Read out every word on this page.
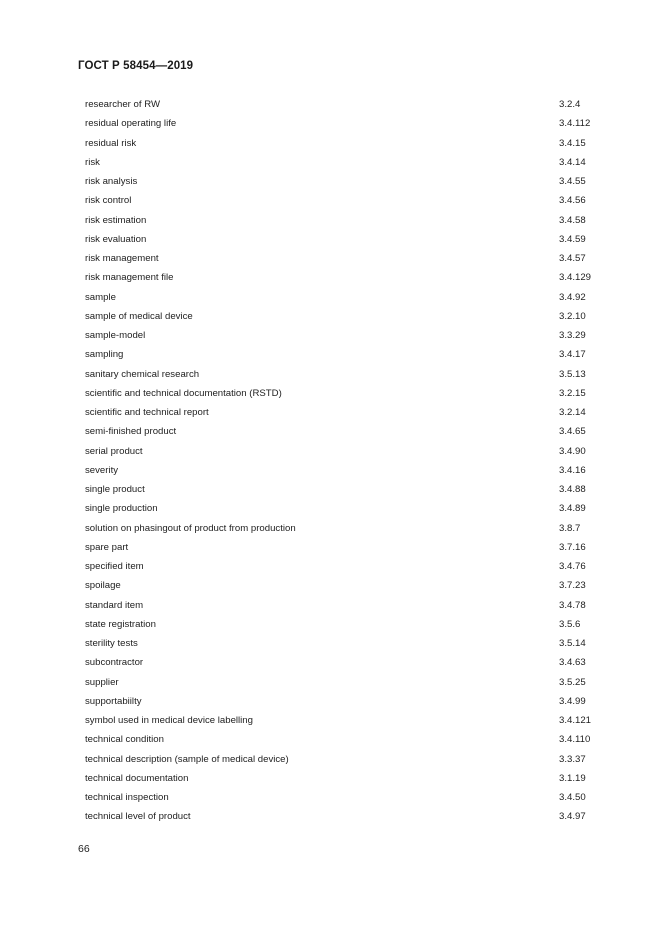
ГОСТ Р 58454—2019
researcher of RW	3.2.4
residual operating life	3.4.112
residual risk	3.4.15
risk	3.4.14
risk analysis	3.4.55
risk control	3.4.56
risk estimation	3.4.58
risk evaluation	3.4.59
risk management	3.4.57
risk management file	3.4.129
sample	3.4.92
sample of medical device	3.2.10
sample-model	3.3.29
sampling	3.4.17
sanitary chemical research	3.5.13
scientific and technical documentation (RSTD)	3.2.15
scientific and technical report	3.2.14
semi-finished product	3.4.65
serial product	3.4.90
severity	3.4.16
single product	3.4.88
single production	3.4.89
solution on phasingout of product from production	3.8.7
spare part	3.7.16
specified item	3.4.76
spoilage	3.7.23
standard item	3.4.78
state registration	3.5.6
sterility tests	3.5.14
subcontractor	3.4.63
supplier	3.5.25
supportabiilty	3.4.99
symbol used in medical device labelling	3.4.121
technical condition	3.4.110
technical description (sample of medical device)	3.3.37
technical documentation	3.1.19
technical inspection	3.4.50
technical level of product	3.4.97
66
